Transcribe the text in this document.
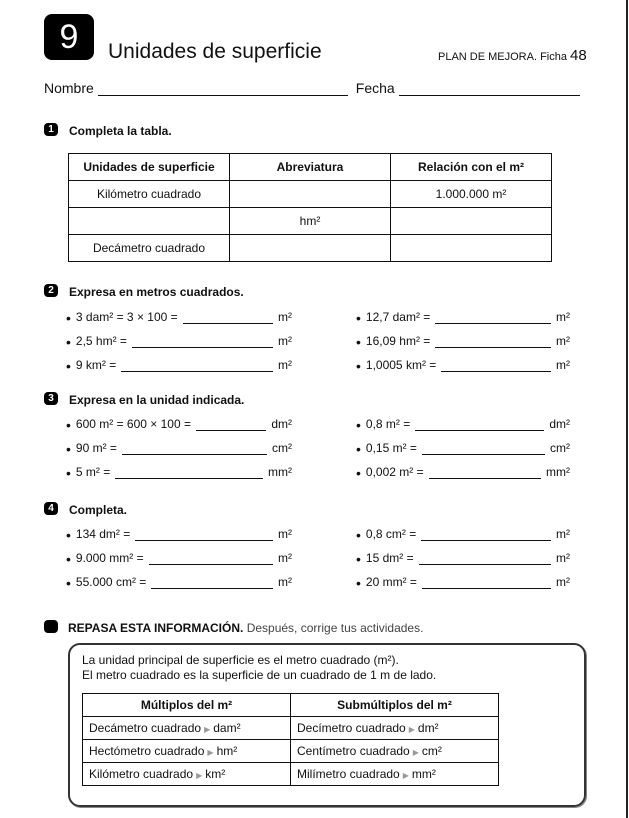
9	Unidades de superficie	PLAN DE MEJORA. Ficha 48
Nombre	Fecha
1	Completa la tabla.
Unidades de superficie	Abreviatura	Relación con el m²
Kilómetro cuadrado		1.000.000 m²
	hm²	
Decámetro cuadrado		
2	Expresa en metros cuadrados.
3	Expresa en la unidad indicada.
4	Completa.
• 3 dam² = 3 × 100 =	m²
• 2,5 hm² =	m²
• 9 km² =	m²
• 12,7 dam² =	m²
• 16,09 hm² =	m²
• 1,0005 km² =	m²
• 600 m² = 600 × 100 =	dm²
• 90 m² =	cm²
• 5 m² =	mm²
• 0,8 m² =	dm²
• 0,15 m² =	cm²
• 0,002 m² =	mm²
• 134 dm² =	m²
• 9.000 mm² =	m²
• 55.000 cm² =	m²
• 0,8 cm² =	m²
• 15 dm² =	m²
• 20 mm² =	m²
REPASA ESTA INFORMACIÓN. Después, corrige tus actividades.
La unidad principal de superficie es el metro cuadrado (m²).
El metro cuadrado es la superficie de un cuadrado de 1 m de lado.
Múltiplos del m²	Submúltiplos del m²
Decámetro cuadrado ▶ dam²	Decímetro cuadrado ▶ dm²
Hectómetro cuadrado ▶ hm²	Centímetro cuadrado ▶ cm²
Kilómetro cuadrado ▶ km²	Milímetro cuadrado ▶ mm²
